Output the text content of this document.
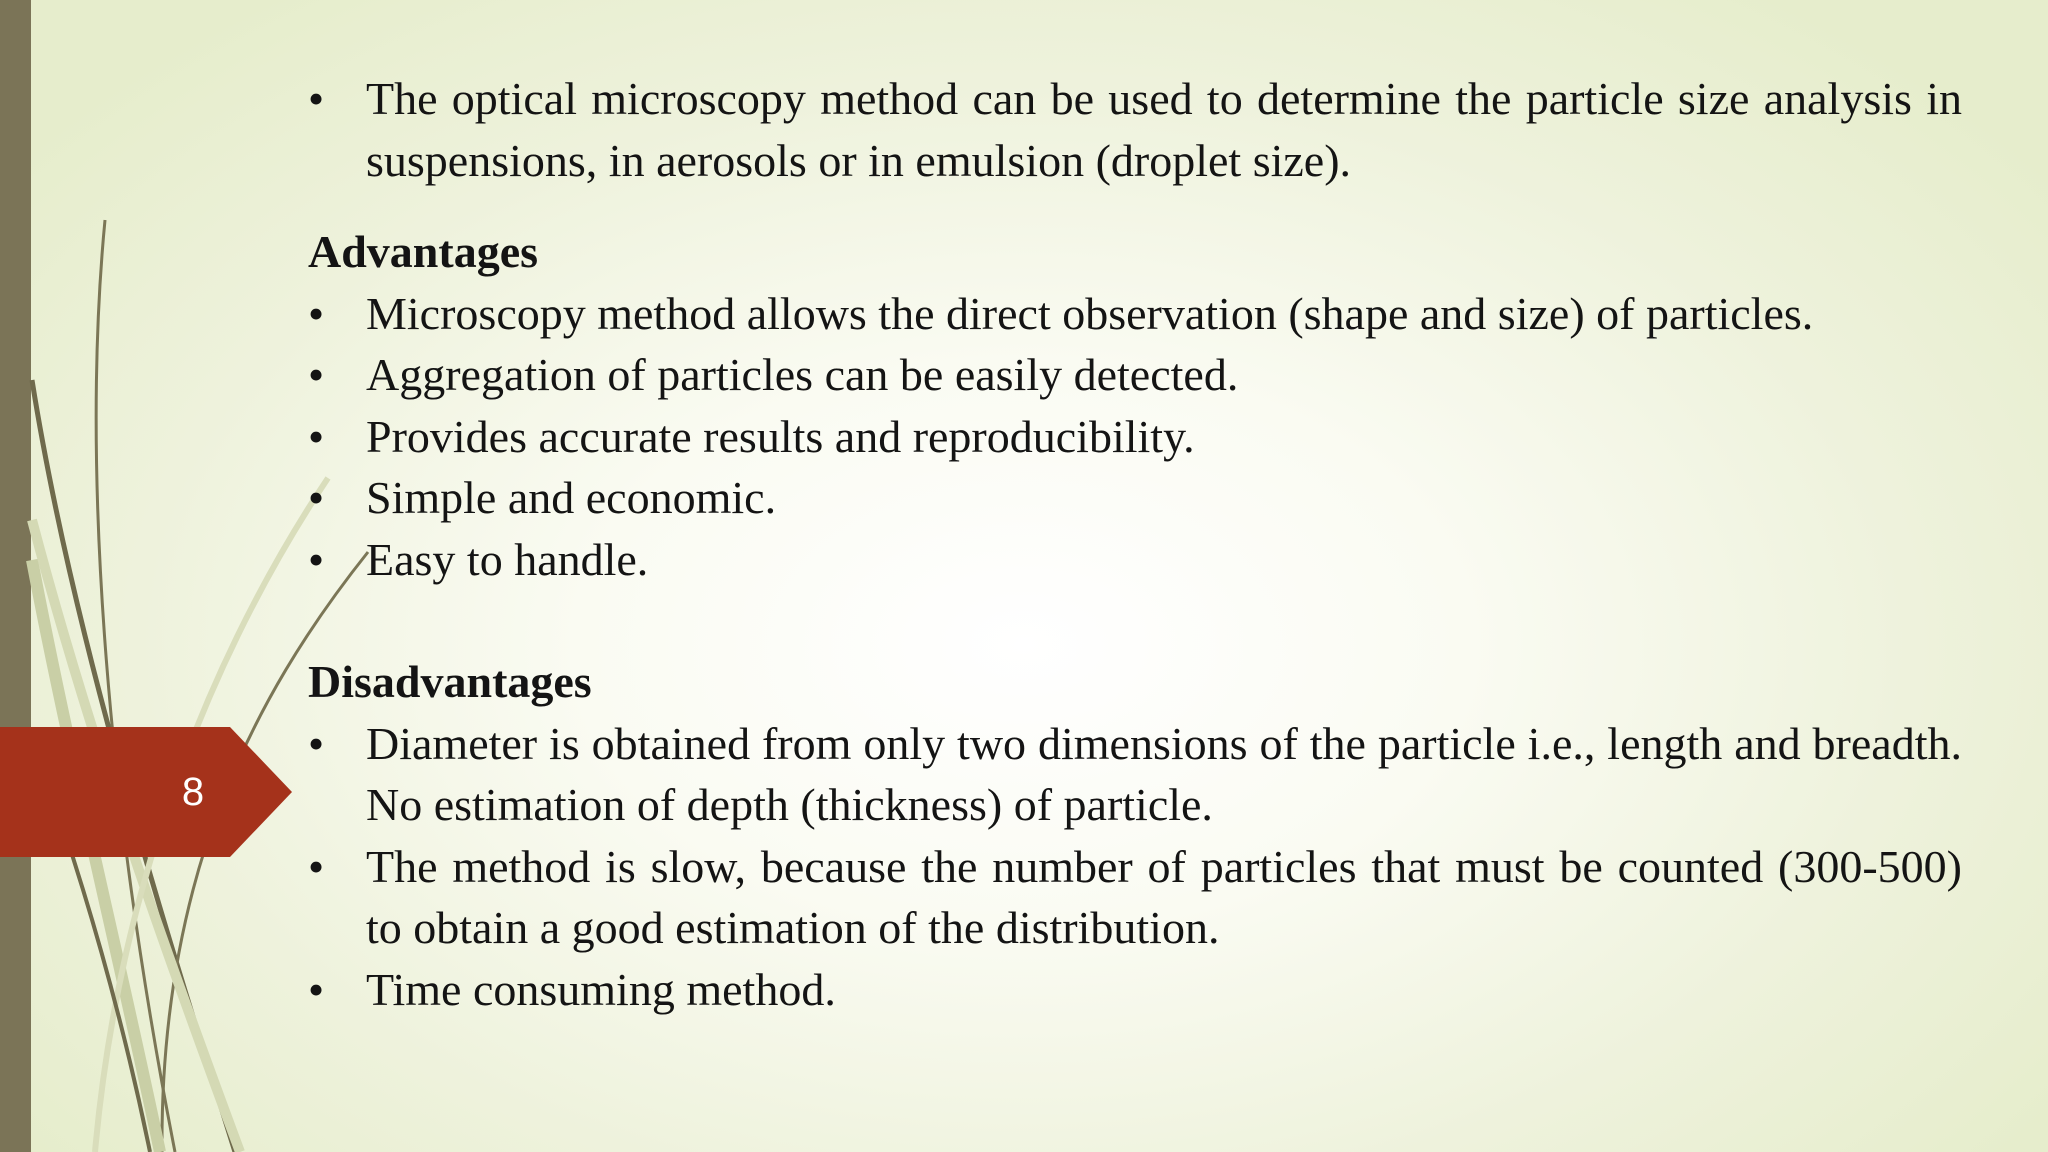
8
• The optical microscopy method can be used to determine the particle size analysis in suspensions, in aerosols or in emulsion (droplet size).
Advantages
• Microscopy method allows the direct observation (shape and size) of particles.
• Aggregation of particles can be easily detected.
• Provides accurate results and reproducibility.
• Simple and economic.
• Easy to handle.
Disadvantages
• Diameter is obtained from only two dimensions of the particle i.e., length and breadth. No estimation of depth (thickness) of particle.
• The method is slow, because the number of particles that must be counted (300-500) to obtain a good estimation of the distribution.
• Time consuming method.
